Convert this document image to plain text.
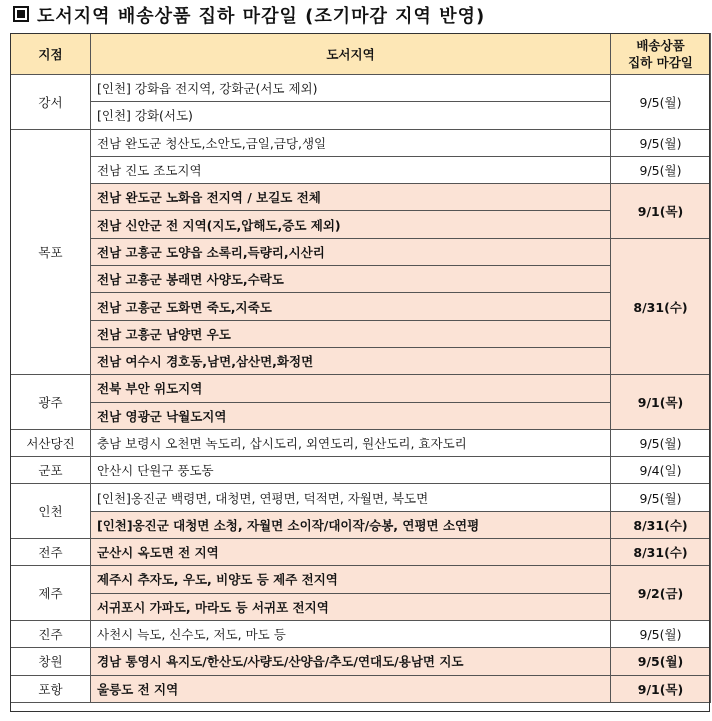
도서지역 배송상품 집하 마감일 (조기마감 지역 반영)
지점	도서지역	배송상품
집하 마감일
강서	[인천] 강화읍 전지역, 강화군(서도 제외)	9/5(월)
	[인천] 강화(서도)	
목포	전남 완도군 청산도,소안도,금일,금당,생일	9/5(월)
	전남 진도 조도지역	9/5(월)
	전남 완도군 노화읍 전지역 / 보길도 전체	9/1(목)
	전남 신안군 전 지역(지도,압해도,증도 제외)	
	전남 고흥군 도양읍 소록리,득량리,시산리	8/31(수)
	전남 고흥군 봉래면 사양도,수락도	
	전남 고흥군 도화면 죽도,지죽도	
	전남 고흥군 남양면 우도	
	전남 여수시 경호동,남면,삼산면,화정면	
광주	전북 부안 위도지역	9/1(목)
	전남 영광군 낙월도지역	
서산당진	충남 보령시 오천면 녹도리, 삽시도리, 외연도리, 원산도리, 효자도리	9/5(월)
군포	안산시 단원구 풍도동	9/4(일)
인천	[인천]옹진군 백령면, 대청면, 연평면, 덕적면, 자월면, 북도면	9/5(월)
	[인천]옹진군 대청면 소청, 자월면 소이작/대이작/승봉, 연평면 소연평	8/31(수)
전주	군산시 옥도면 전 지역	8/31(수)
제주	제주시 추자도, 우도, 비양도 등 제주 전지역	9/2(금)
	서귀포시 가파도, 마라도 등 서귀포 전지역	
진주	사천시 늑도, 신수도, 저도, 마도 등	9/5(월)
창원	경남 통영시 욕지도/한산도/사량도/산양읍/추도/연대도/용남면 지도	9/5(월)
포항	울릉도 전 지역	9/1(목)
